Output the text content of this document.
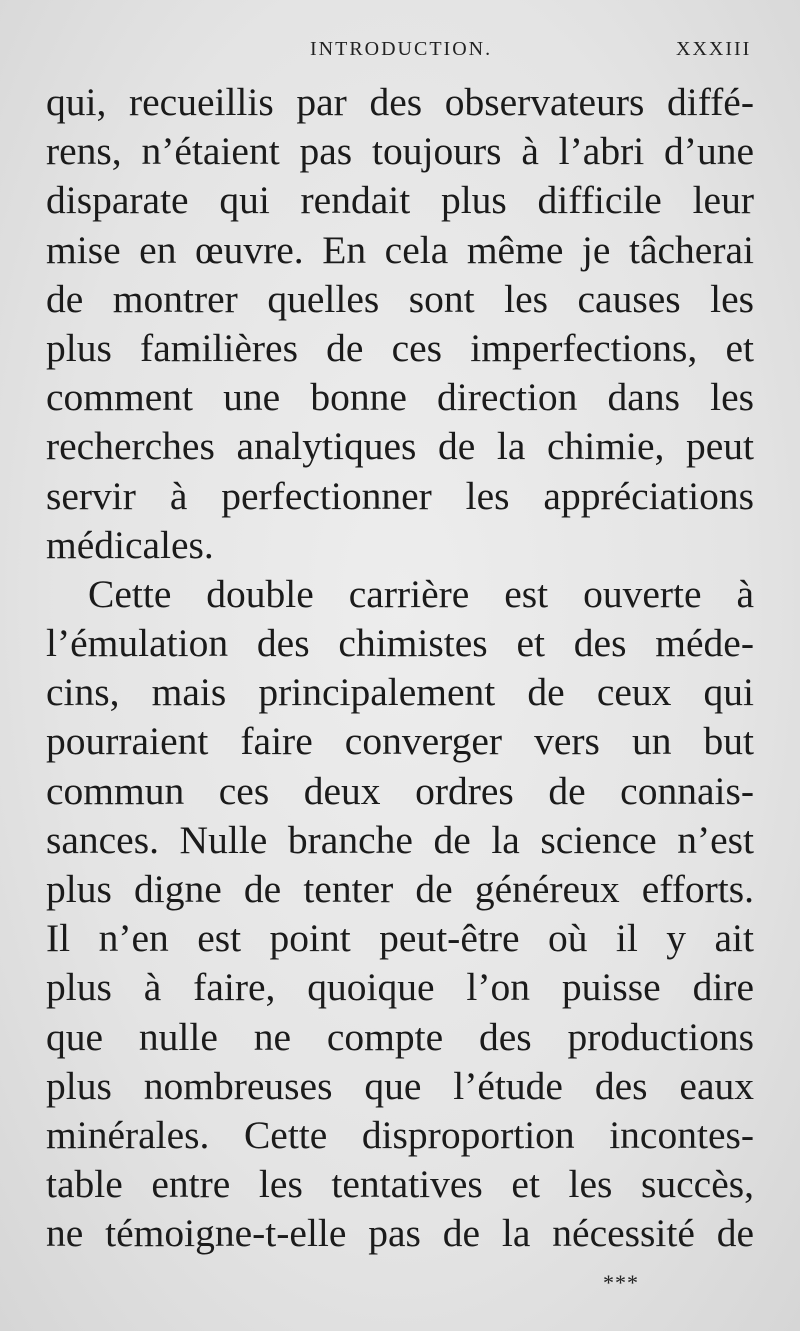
INTRODUCTION.	XXXIII
qui, recueillis par des observateurs diffé-
rens, n’étaient pas toujours à l’abri d’une
disparate qui rendait plus difficile leur
mise en œuvre. En cela même je tâcherai
de montrer quelles sont les causes les
plus familières de ces imperfections, et
comment une bonne direction dans les
recherches analytiques de la chimie, peut
servir à perfectionner les appréciations
médicales.
Cette double carrière est ouverte à
l’émulation des chimistes et des méde-
cins, mais principalement de ceux qui
pourraient faire converger vers un but
commun ces deux ordres de connais-
sances. Nulle branche de la science n’est
plus digne de tenter de généreux efforts.
Il n’en est point peut-être où il y ait
plus à faire, quoique l’on puisse dire
que nulle ne compte des productions
plus nombreuses que l’étude des eaux
minérales. Cette disproportion incontes-
table entre les tentatives et les succès,
ne témoigne-t-elle pas de la nécessité de
***
